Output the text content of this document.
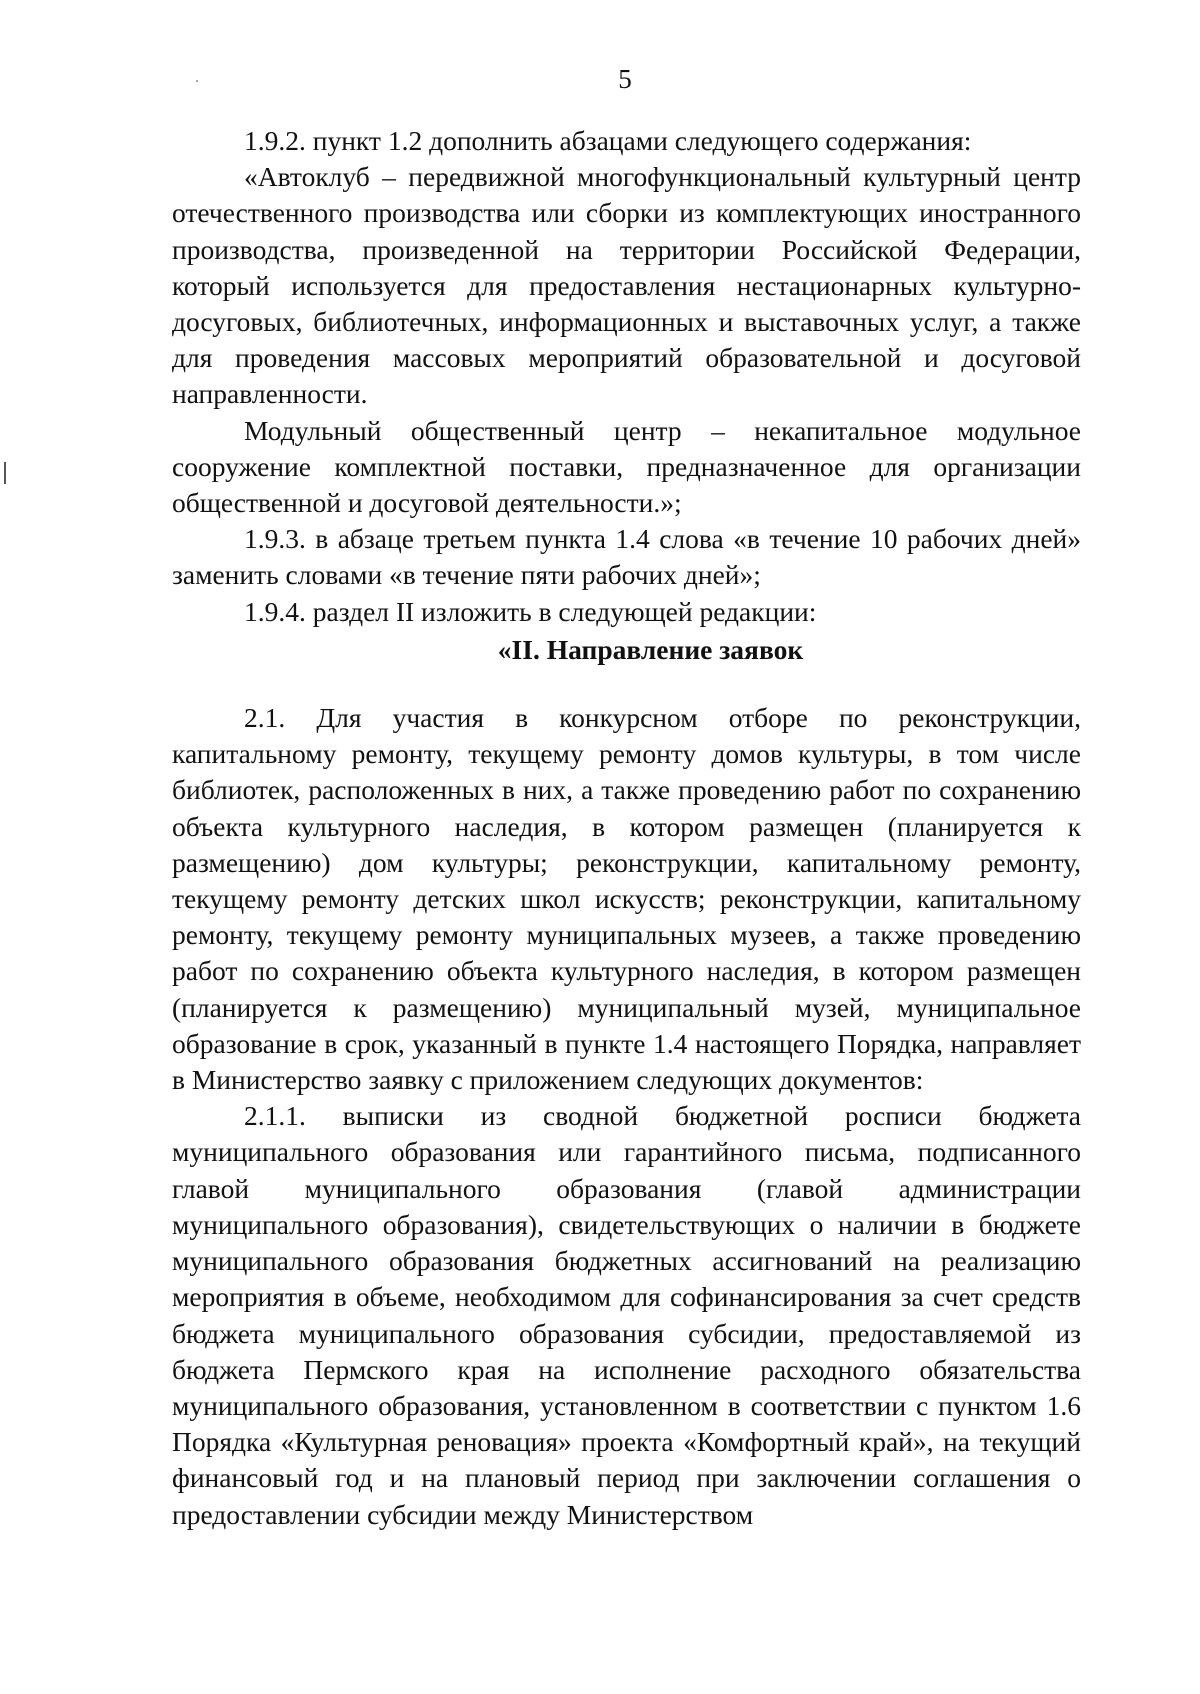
5

1.9.2. пункт 1.2 дополнить абзацами следующего содержания:

«Автоклуб – передвижной многофункциональный культурный центр отечественного производства или сборки из комплектующих иностранного производства, произведенной на территории Российской Федерации, который используется для предоставления нестационарных культурно-досуговых, библиотечных, информационных и выставочных услуг, а также для проведения массовых мероприятий образовательной и досуговой направленности.

Модульный общественный центр – некапитальное модульное сооружение комплектной поставки, предназначенное для организации общественной и досуговой деятельности.»;

1.9.3. в абзаце третьем пункта 1.4 слова «в течение 10 рабочих дней» заменить словами «в течение пяти рабочих дней»;

1.9.4. раздел II изложить в следующей редакции:

«II. Направление заявок

2.1. Для участия в конкурсном отборе по реконструкции, капитальному ремонту, текущему ремонту домов культуры, в том числе библиотек, расположенных в них, а также проведению работ по сохранению объекта культурного наследия, в котором размещен (планируется к размещению) дом культуры; реконструкции, капитальному ремонту, текущему ремонту детских школ искусств; реконструкции, капитальному ремонту, текущему ремонту муниципальных музеев, а также проведению работ по сохранению объекта культурного наследия, в котором размещен (планируется к размещению) муниципальный музей, муниципальное образование в срок, указанный в пункте 1.4 настоящего Порядка, направляет в Министерство заявку с приложением следующих документов:

2.1.1. выписки из сводной бюджетной росписи бюджета муниципального образования или гарантийного письма, подписанного главой муниципального образования (главой администрации муниципального образования), свидетельствующих о наличии в бюджете муниципального образования бюджетных ассигнований на реализацию мероприятия в объеме, необходимом для софинансирования за счет средств бюджета муниципального образования субсидии, предоставляемой из бюджета Пермского края на исполнение расходного обязательства муниципального образования, установленном в соответствии с пунктом 1.6 Порядка «Культурная реновация» проекта «Комфортный край», на текущий финансовый год и на плановый период при заключении соглашения о предоставлении субсидии между Министерством
